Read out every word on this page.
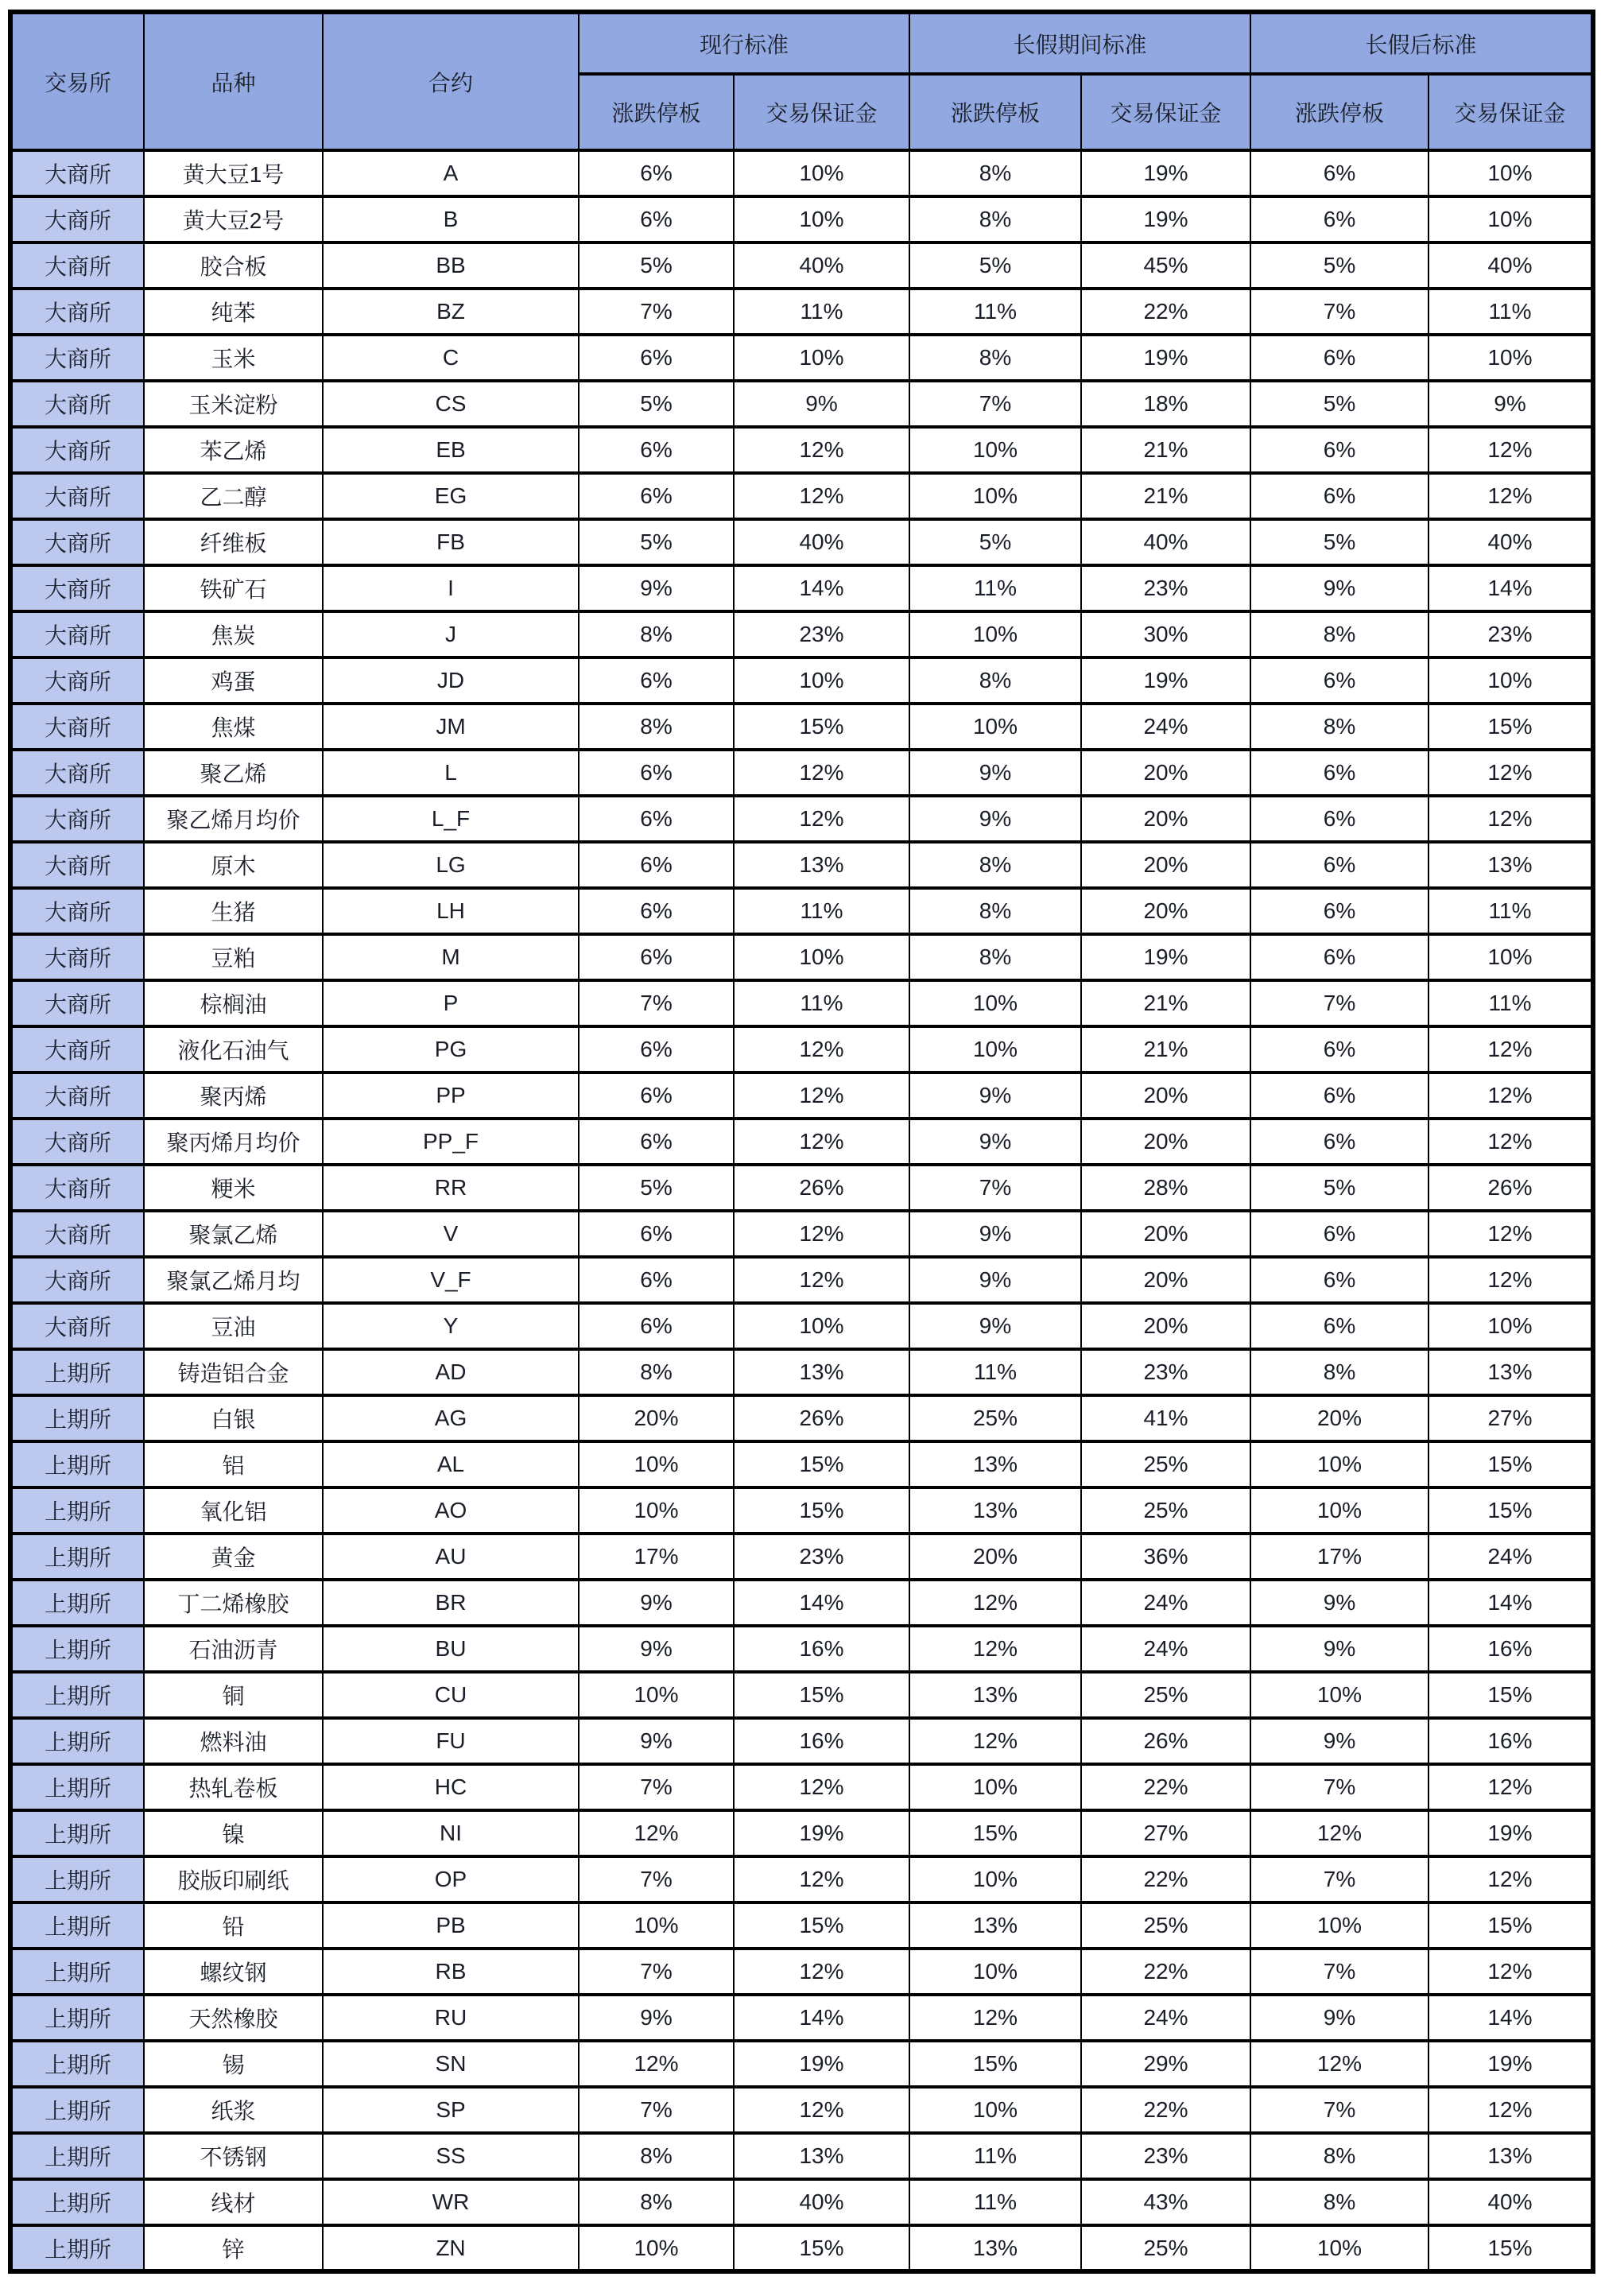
交易所	品种	合约	现行标准		长假期间标准		长假后标准	
			涨跌停板	交易保证金	涨跌停板	交易保证金	涨跌停板	交易保证金
大商所	黄大豆1号	A	6%	10%	8%	19%	6%	10%
大商所	黄大豆2号	B	6%	10%	8%	19%	6%	10%
大商所	胶合板	BB	5%	40%	5%	45%	5%	40%
大商所	纯苯	BZ	7%	11%	11%	22%	7%	11%
大商所	玉米	C	6%	10%	8%	19%	6%	10%
大商所	玉米淀粉	CS	5%	9%	7%	18%	5%	9%
大商所	苯乙烯	EB	6%	12%	10%	21%	6%	12%
大商所	乙二醇	EG	6%	12%	10%	21%	6%	12%
大商所	纤维板	FB	5%	40%	5%	40%	5%	40%
大商所	铁矿石	I	9%	14%	11%	23%	9%	14%
大商所	焦炭	J	8%	23%	10%	30%	8%	23%
大商所	鸡蛋	JD	6%	10%	8%	19%	6%	10%
大商所	焦煤	JM	8%	15%	10%	24%	8%	15%
大商所	聚乙烯	L	6%	12%	9%	20%	6%	12%
大商所	聚乙烯月均价	L_F	6%	12%	9%	20%	6%	12%
大商所	原木	LG	6%	13%	8%	20%	6%	13%
大商所	生猪	LH	6%	11%	8%	20%	6%	11%
大商所	豆粕	M	6%	10%	8%	19%	6%	10%
大商所	棕榈油	P	7%	11%	10%	21%	7%	11%
大商所	液化石油气	PG	6%	12%	10%	21%	6%	12%
大商所	聚丙烯	PP	6%	12%	9%	20%	6%	12%
大商所	聚丙烯月均价	PP_F	6%	12%	9%	20%	6%	12%
大商所	粳米	RR	5%	26%	7%	28%	5%	26%
大商所	聚氯乙烯	V	6%	12%	9%	20%	6%	12%
大商所	聚氯乙烯月均	V_F	6%	12%	9%	20%	6%	12%
大商所	豆油	Y	6%	10%	9%	20%	6%	10%
上期所	铸造铝合金	AD	8%	13%	11%	23%	8%	13%
上期所	白银	AG	20%	26%	25%	41%	20%	27%
上期所	铝	AL	10%	15%	13%	25%	10%	15%
上期所	氧化铝	AO	10%	15%	13%	25%	10%	15%
上期所	黄金	AU	17%	23%	20%	36%	17%	24%
上期所	丁二烯橡胶	BR	9%	14%	12%	24%	9%	14%
上期所	石油沥青	BU	9%	16%	12%	24%	9%	16%
上期所	铜	CU	10%	15%	13%	25%	10%	15%
上期所	燃料油	FU	9%	16%	12%	26%	9%	16%
上期所	热轧卷板	HC	7%	12%	10%	22%	7%	12%
上期所	镍	NI	12%	19%	15%	27%	12%	19%
上期所	胶版印刷纸	OP	7%	12%	10%	22%	7%	12%
上期所	铅	PB	10%	15%	13%	25%	10%	15%
上期所	螺纹钢	RB	7%	12%	10%	22%	7%	12%
上期所	天然橡胶	RU	9%	14%	12%	24%	9%	14%
上期所	锡	SN	12%	19%	15%	29%	12%	19%
上期所	纸浆	SP	7%	12%	10%	22%	7%	12%
上期所	不锈钢	SS	8%	13%	11%	23%	8%	13%
上期所	线材	WR	8%	40%	11%	43%	8%	40%
上期所	锌	ZN	10%	15%	13%	25%	10%	15%
